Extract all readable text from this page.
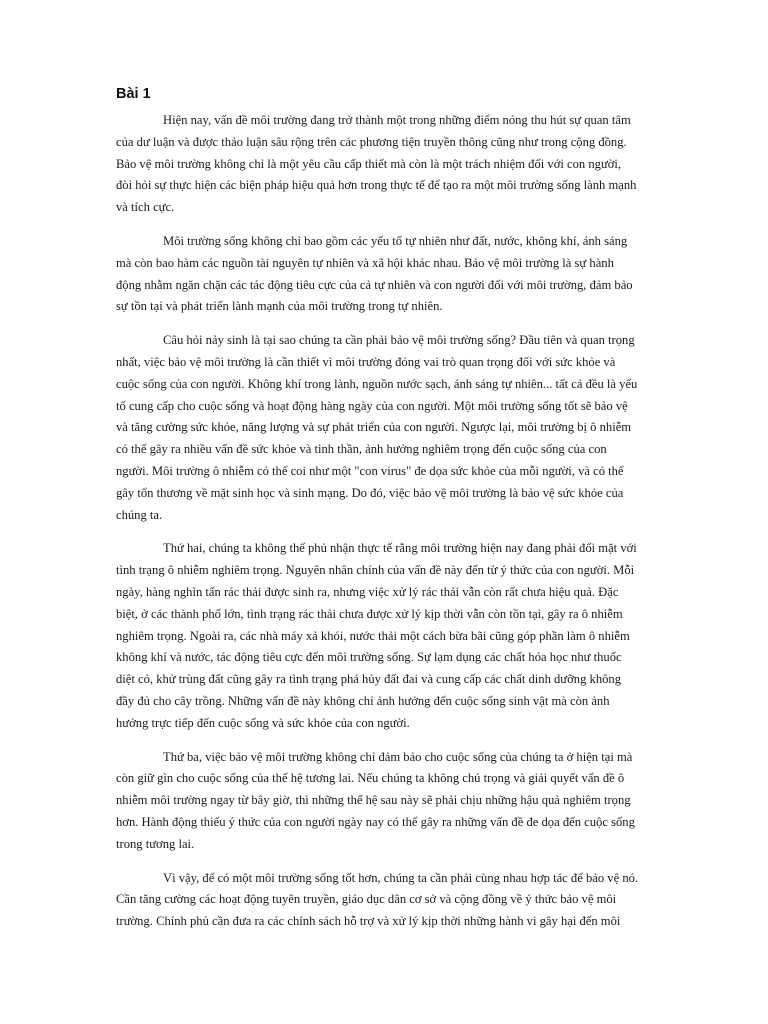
Bài 1

Hiện nay, vấn đề môi trường đang trở thành một trong những điểm nóng thu hút sự quan tâm
của dư luận và được thảo luận sâu rộng trên các phương tiện truyền thông cũng như trong cộng đồng.
Bảo vệ môi trường không chỉ là một yêu cầu cấp thiết mà còn là một trách nhiệm đối với con người,
đòi hỏi sự thực hiện các biện pháp hiệu quả hơn trong thực tế để tạo ra một môi trường sống lành mạnh
và tích cực.

Môi trường sống không chỉ bao gồm các yếu tố tự nhiên như đất, nước, không khí, ánh sáng
mà còn bao hàm các nguồn tài nguyên tự nhiên và xã hội khác nhau. Bảo vệ môi trường là sự hành
động nhằm ngăn chặn các tác động tiêu cực của cả tự nhiên và con người đối với môi trường, đảm bảo
sự tồn tại và phát triển lành mạnh của môi trường trong tự nhiên.

Câu hỏi nảy sinh là tại sao chúng ta cần phải bảo vệ môi trường sống? Đầu tiên và quan trọng
nhất, việc bảo vệ môi trường là cần thiết vì môi trường đóng vai trò quan trọng đối với sức khỏe và
cuộc sống của con người. Không khí trong lành, nguồn nước sạch, ánh sáng tự nhiên... tất cả đều là yếu
tố cung cấp cho cuộc sống và hoạt động hàng ngày của con người. Một môi trường sống tốt sẽ bảo vệ
và tăng cường sức khỏe, năng lượng và sự phát triển của con người. Ngược lại, môi trường bị ô nhiễm
có thể gây ra nhiều vấn đề sức khỏe và tinh thần, ảnh hưởng nghiêm trọng đến cuộc sống của con
người. Môi trường ô nhiễm có thể coi như một "con virus" đe dọa sức khỏe của mỗi người, và có thể
gây tổn thương về mặt sinh học và sinh mạng. Do đó, việc bảo vệ môi trường là bảo vệ sức khỏe của
chúng ta.

Thứ hai, chúng ta không thể phủ nhận thực tế rằng môi trường hiện nay đang phải đối mặt với
tình trạng ô nhiễm nghiêm trọng. Nguyên nhân chính của vấn đề này đến từ ý thức của con người. Mỗi
ngày, hàng nghìn tấn rác thải được sinh ra, nhưng việc xử lý rác thải vẫn còn rất chưa hiệu quả. Đặc
biệt, ở các thành phố lớn, tình trạng rác thải chưa được xử lý kịp thời vẫn còn tồn tại, gây ra ô nhiễm
nghiêm trọng. Ngoài ra, các nhà máy xả khói, nước thải một cách bừa bãi cũng góp phần làm ô nhiễm
không khí và nước, tác động tiêu cực đến môi trường sống. Sự lạm dụng các chất hóa học như thuốc
diệt cỏ, khử trùng đất cũng gây ra tình trạng phá hủy đất đai và cung cấp các chất dinh dưỡng không
đầy đủ cho cây trồng. Những vấn đề này không chỉ ảnh hưởng đến cuộc sống sinh vật mà còn ảnh
hưởng trực tiếp đến cuộc sống và sức khỏe của con người.

Thứ ba, việc bảo vệ môi trường không chỉ đảm bảo cho cuộc sống của chúng ta ở hiện tại mà
còn giữ gìn cho cuộc sống của thế hệ tương lai. Nếu chúng ta không chú trọng và giải quyết vấn đề ô
nhiễm môi trường ngay từ bây giờ, thì những thế hệ sau này sẽ phải chịu những hậu quả nghiêm trọng
hơn. Hành động thiếu ý thức của con người ngày nay có thể gây ra những vấn đề đe dọa đến cuộc sống
trong tương lai.

Vì vậy, để có một môi trường sống tốt hơn, chúng ta cần phải cùng nhau hợp tác để bảo vệ nó.
Cần tăng cường các hoạt động tuyên truyền, giáo dục dân cơ sở và cộng đồng về ý thức bảo vệ môi
trường. Chính phủ cần đưa ra các chính sách hỗ trợ và xử lý kịp thời những hành vi gây hại đến môi
